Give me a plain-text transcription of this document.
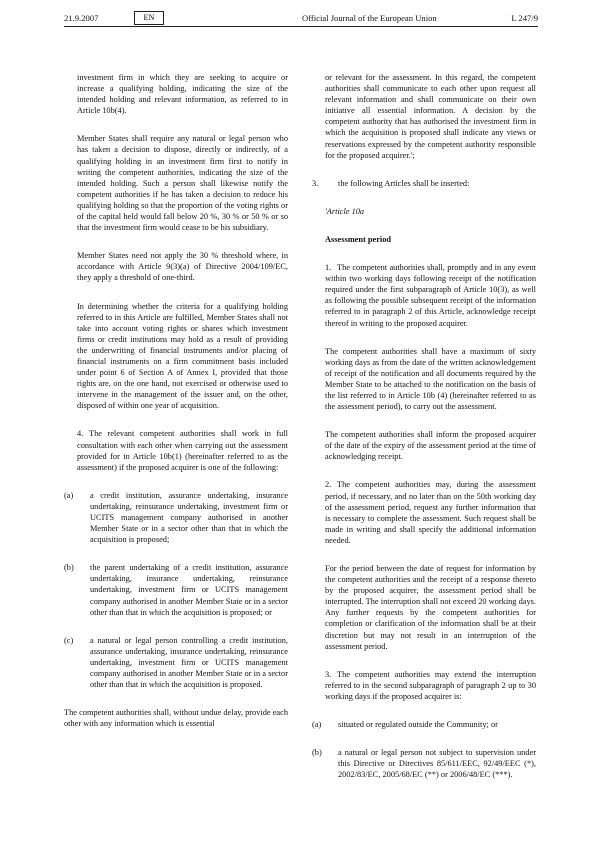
21.9.2007	EN	Official Journal of the European Union	L 247/9

investment firm in which they are seeking to acquire or increase a qualifying holding, indicating the size of the intended holding and relevant information, as referred to in Article 10b(4).

Member States shall require any natural or legal person who has taken a decision to dispose, directly or indirectly, of a qualifying holding in an investment firm first to notify in writing the competent authorities, indicating the size of the intended holding. Such a person shall likewise notify the competent authorities if he has taken a decision to reduce his qualifying holding so that the proportion of the voting rights or of the capital held would fall below 20 %, 30 % or 50 % or so that the investment firm would cease to be his subsidiary.

Member States need not apply the 30 % threshold where, in accordance with Article 9(3)(a) of Directive 2004/109/EC, they apply a threshold of one-third.

In determining whether the criteria for a qualifying holding referred to in this Article are fulfilled, Member States shall not take into account voting rights or shares which investment firms or credit institutions may hold as a result of providing the underwriting of financial instruments and/or placing of financial instruments on a firm commitment basis included under point 6 of Section A of Annex I, provided that those rights are, on the one hand, not exercised or otherwise used to intervene in the management of the issuer and, on the other, disposed of within one year of acquisition.

4. The relevant competent authorities shall work in full consultation with each other when carrying out the assessment provided for in Article 10b(1) (hereinafter referred to as the assessment) if the proposed acquirer is one of the following:

(a)	a credit institution, assurance undertaking, insurance undertaking, reinsurance undertaking, investment firm or UCITS management company authorised in another Member State or in a sector other than that in which the acquisition is proposed;
(b)	the parent undertaking of a credit institution, assurance undertaking, insurance undertaking, reinsurance undertaking, investment firm or UCITS management company authorised in another Member State or in a sector other than that in which the acquisition is proposed; or
(c)	a natural or legal person controlling a credit institution, assurance undertaking, insurance undertaking, reinsurance undertaking, investment firm or UCITS management company authorised in another Member State or in a sector other than that in which the acquisition is proposed.

The competent authorities shall, without undue delay, provide each other with any information which is essential

or relevant for the assessment. In this regard, the competent authorities shall communicate to each other upon request all relevant information and shall communicate on their own initiative all essential information. A decision by the competent authority that has authorised the investment firm in which the acquisition is proposed shall indicate any views or reservations expressed by the competent authority responsible for the proposed acquirer.';

3.	the following Articles shall be inserted:

'Article 10a

Assessment period

1. The competent authorities shall, promptly and in any event within two working days following receipt of the notification required under the first subparagraph of Article 10(3), as well as following the possible subsequent receipt of the information referred to in paragraph 2 of this Article, acknowledge receipt thereof in writing to the proposed acquirer.

The competent authorities shall have a maximum of sixty working days as from the date of the written acknowledgement of receipt of the notification and all documents required by the Member State to be attached to the notification on the basis of the list referred to in Article 10b (4) (hereinafter referred to as the assessment period), to carry out the assessment.

The competent authorities shall inform the proposed acquirer of the date of the expiry of the assessment period at the time of acknowledging receipt.

2. The competent authorities may, during the assessment period, if necessary, and no later than on the 50th working day of the assessment period, request any further information that is necessary to complete the assessment. Such request shall be made in writing and shall specify the additional information needed.

For the period between the date of request for information by the competent authorities and the receipt of a response thereto by the proposed acquirer, the assessment period shall be interrupted. The interruption shall not exceed 20 working days. Any further requests by the competent authorities for completion or clarification of the information shall be at their discretion but may not result in an interruption of the assessment period.

3. The competent authorities may extend the interruption referred to in the second subparagraph of paragraph 2 up to 30 working days if the proposed acquirer is:

(a)	situated or regulated outside the Community; or
(b)	a natural or legal person not subject to supervision under this Directive or Directives 85/611/EEC, 92/49/EEC (*), 2002/83/EC, 2005/68/EC (**) or 2006/48/EC (***).
